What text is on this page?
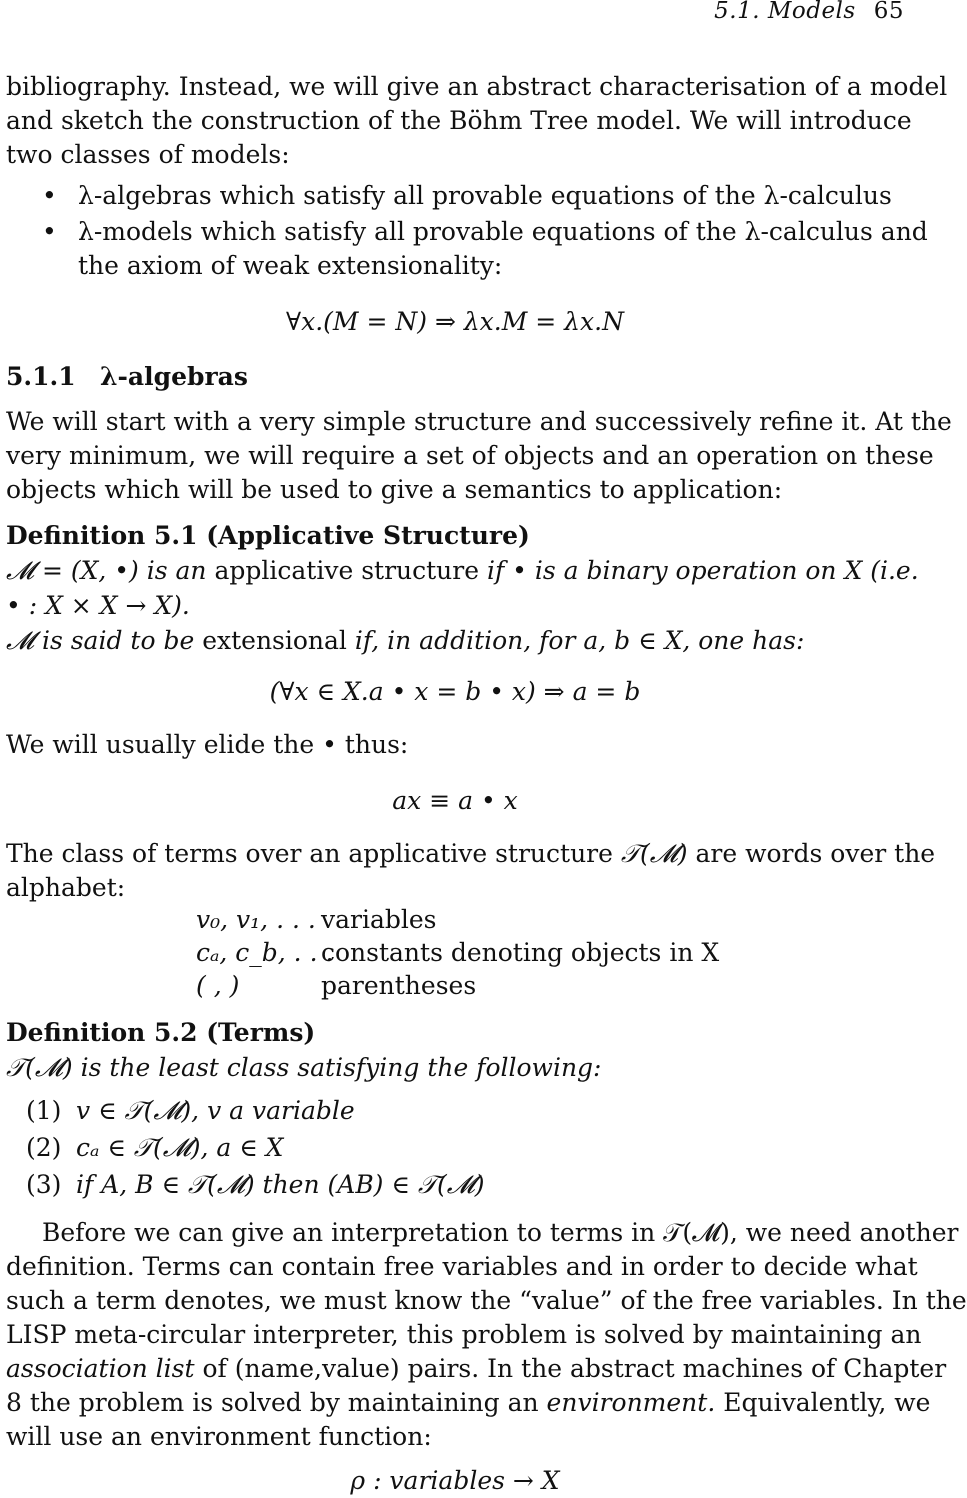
5.1. Models 65
bibliography. Instead, we will give an abstract characterisation of a model
and sketch the construction of the Böhm Tree model. We will introduce
two classes of models:
• λ-algebras which satisfy all provable equations of the λ-calculus
• λ-models which satisfy all provable equations of the λ-calculus and
the axiom of weak extensionality:
∀x.(M = N) ⇒ λx.M = λx.N
5.1.1 λ-algebras
We will start with a very simple structure and successively refine it. At the
very minimum, we will require a set of objects and an operation on these
objects which will be used to give a semantics to application:
Definition 5.1 (Applicative Structure)
𝓜 = (X, •) is an applicative structure if • is a binary operation on X (i.e.
• : X × X → X).
𝓜 is said to be extensional if, in addition, for a, b ∈ X, one has:
(∀x ∈ X.a • x = b • x) ⇒ a = b
We will usually elide the • thus:
ax ≡ a • x
The class of terms over an applicative structure 𝒯(𝓜) are words over the
alphabet:
v₀, v₁, . . . variables
cₐ, c_b, . . .
constants denoting objects in X
( , )	parentheses
Definition 5.2 (Terms)
𝒯(𝓜) is the least class satisfying the following:
(1) v ∈ 𝒯(𝓜), v a variable
(2) cₐ ∈ 𝒯(𝓜), a ∈ X
(3) if A, B ∈ 𝒯(𝓜) then (AB) ∈ 𝒯(𝓜)
Before we can give an interpretation to terms in 𝒯(𝓜), we need another
definition. Terms can contain free variables and in order to decide what
such a term denotes, we must know the “value” of the free variables. In the
LISP meta-circular interpreter, this problem is solved by maintaining an
association list of (name,value) pairs. In the abstract machines of Chapter
8 the problem is solved by maintaining an environment. Equivalently, we
will use an environment function:
ρ : variables → X
